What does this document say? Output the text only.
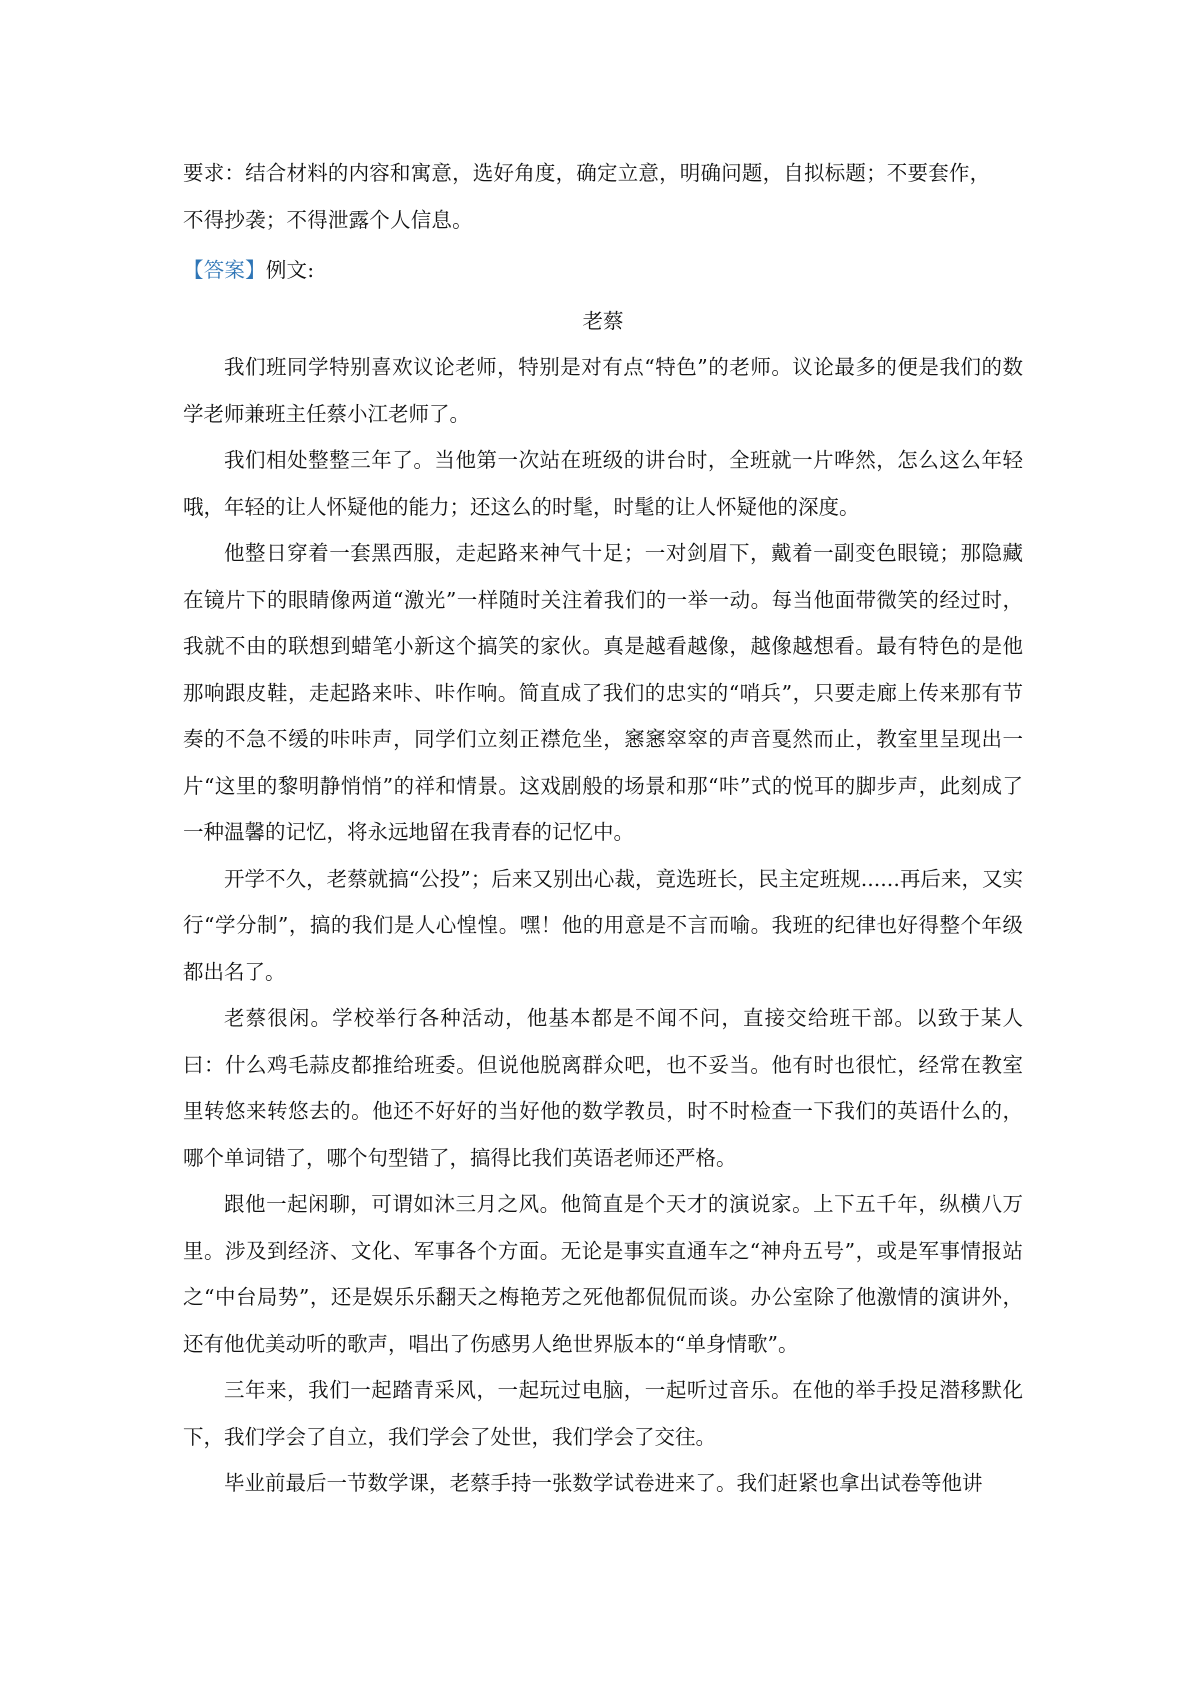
要求：结合材料的内容和寓意，选好角度，确定立意，明确问题，自拟标题；不要套作，

不得抄袭；不得泄露个人信息。

【答案】例文:

老蔡

我们班同学特别喜欢议论老师，特别是对有点“特色”的老师。议论最多的便是我们的数学老师兼班主任蔡小江老师了。

我们相处整整三年了。当他第一次站在班级的讲台时，全班就一片哗然，怎么这么年轻哦，年轻的让人怀疑他的能力；还这么的时髦，时髦的让人怀疑他的深度。

他整日穿着一套黑西服，走起路来神气十足；一对剑眉下，戴着一副变色眼镜；那隐藏在镜片下的眼睛像两道“激光”一样随时关注着我们的一举一动。每当他面带微笑的经过时，我就不由的联想到蜡笔小新这个搞笑的家伙。真是越看越像，越像越想看。最有特色的是他那响跟皮鞋，走起路来咔、咔作响。简直成了我们的忠实的“哨兵”，只要走廊上传来那有节奏的不急不缓的咔咔声，同学们立刻正襟危坐，窸窸窣窣的声音戛然而止，教室里呈现出一片“这里的黎明静悄悄”的祥和情景。这戏剧般的场景和那“咔”式的悦耳的脚步声，此刻成了一种温馨的记忆，将永远地留在我青春的记忆中。

开学不久，老蔡就搞“公投”；后来又别出心裁，竟选班长，民主定班规......再后来，又实行“学分制”，搞的我们是人心惶惶。嘿！他的用意是不言而喻。我班的纪律也好得整个年级都出名了。

老蔡很闲。学校举行各种活动，他基本都是不闻不问，直接交给班干部。以致于某人曰：什么鸡毛蒜皮都推给班委。但说他脱离群众吧，也不妥当。他有时也很忙，经常在教室里转悠来转悠去的。他还不好好的当好他的数学教员，时不时检查一下我们的英语什么的，哪个单词错了，哪个句型错了，搞得比我们英语老师还严格。

跟他一起闲聊，可谓如沐三月之风。他简直是个天才的演说家。上下五千年，纵横八万里。涉及到经济、文化、军事各个方面。无论是事实直通车之“神舟五号”，或是军事情报站之“中台局势”，还是娱乐乐翻天之梅艳芳之死他都侃侃而谈。办公室除了他激情的演讲外，还有他优美动听的歌声，唱出了伤感男人绝世界版本的“单身情歌”。

三年来，我们一起踏青采风，一起玩过电脑，一起听过音乐。在他的举手投足潜移默化下，我们学会了自立，我们学会了处世，我们学会了交往。

毕业前最后一节数学课，老蔡手持一张数学试卷进来了。我们赶紧也拿出试卷等他讲
